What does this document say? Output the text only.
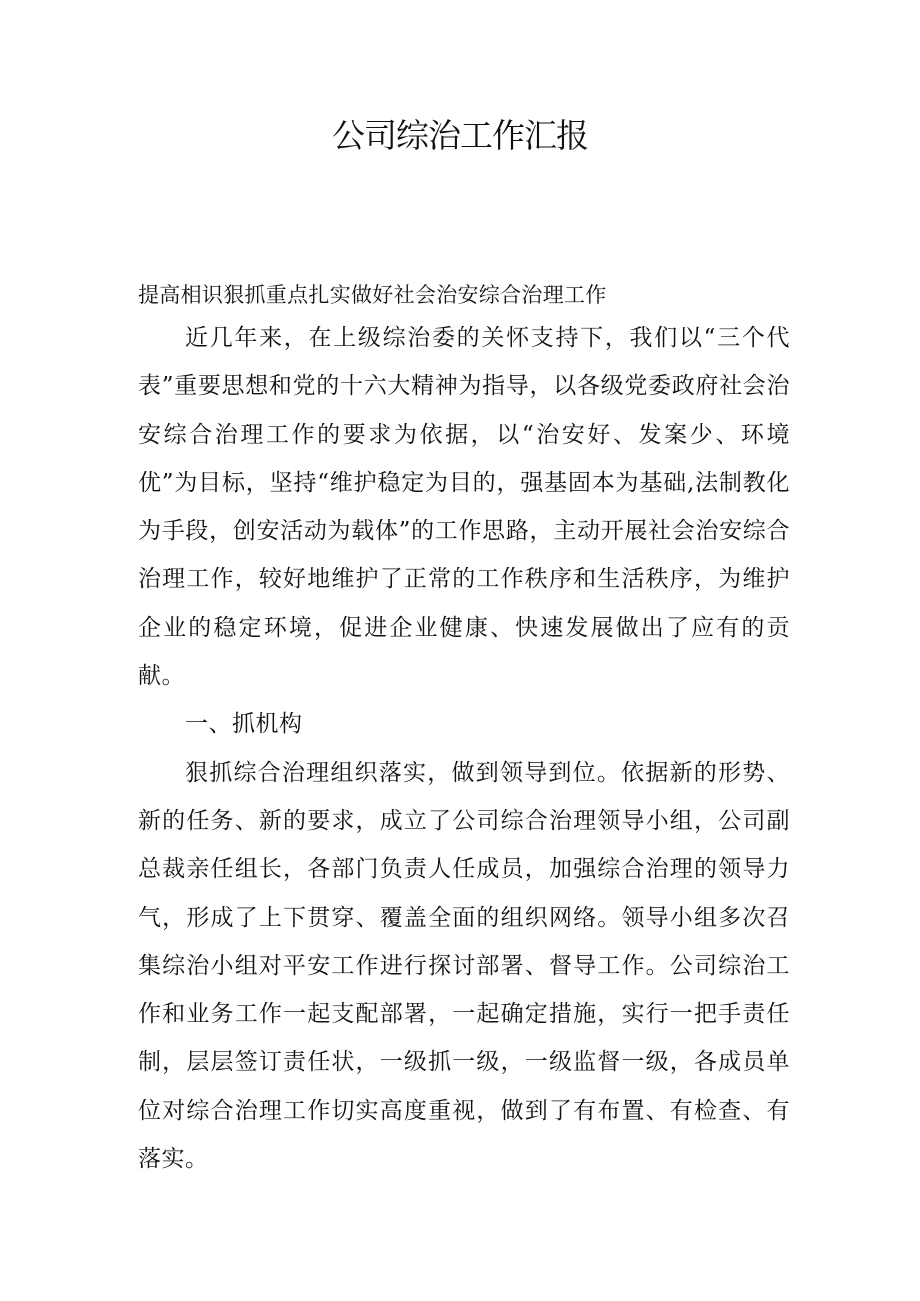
公司综治工作汇报

提高相识狠抓重点扎实做好社会治安综合治理工作

近几年来，在上级综治委的关怀支持下，我们以“三个代表”重要思想和党的十六大精神为指导，以各级党委政府社会治安综合治理工作的要求为依据，以“治安好、发案少、环境优”为目标，坚持“维护稳定为目的，强基固本为基础,法制教化为手段，创安活动为载体”的工作思路，主动开展社会治安综合治理工作，较好地维护了正常的工作秩序和生活秩序，为维护企业的稳定环境，促进企业健康、快速发展做出了应有的贡献。

一、抓机构

狠抓综合治理组织落实，做到领导到位。依据新的形势、新的任务、新的要求，成立了公司综合治理领导小组，公司副总裁亲任组长，各部门负责人任成员，加强综合治理的领导力气，形成了上下贯穿、覆盖全面的组织网络。领导小组多次召集综治小组对平安工作进行探讨部署、督导工作。公司综治工作和业务工作一起支配部署，一起确定措施，实行一把手责任制，层层签订责任状，一级抓一级，一级监督一级，各成员单位对综合治理工作切实高度重视，做到了有布置、有检查、有落实。
